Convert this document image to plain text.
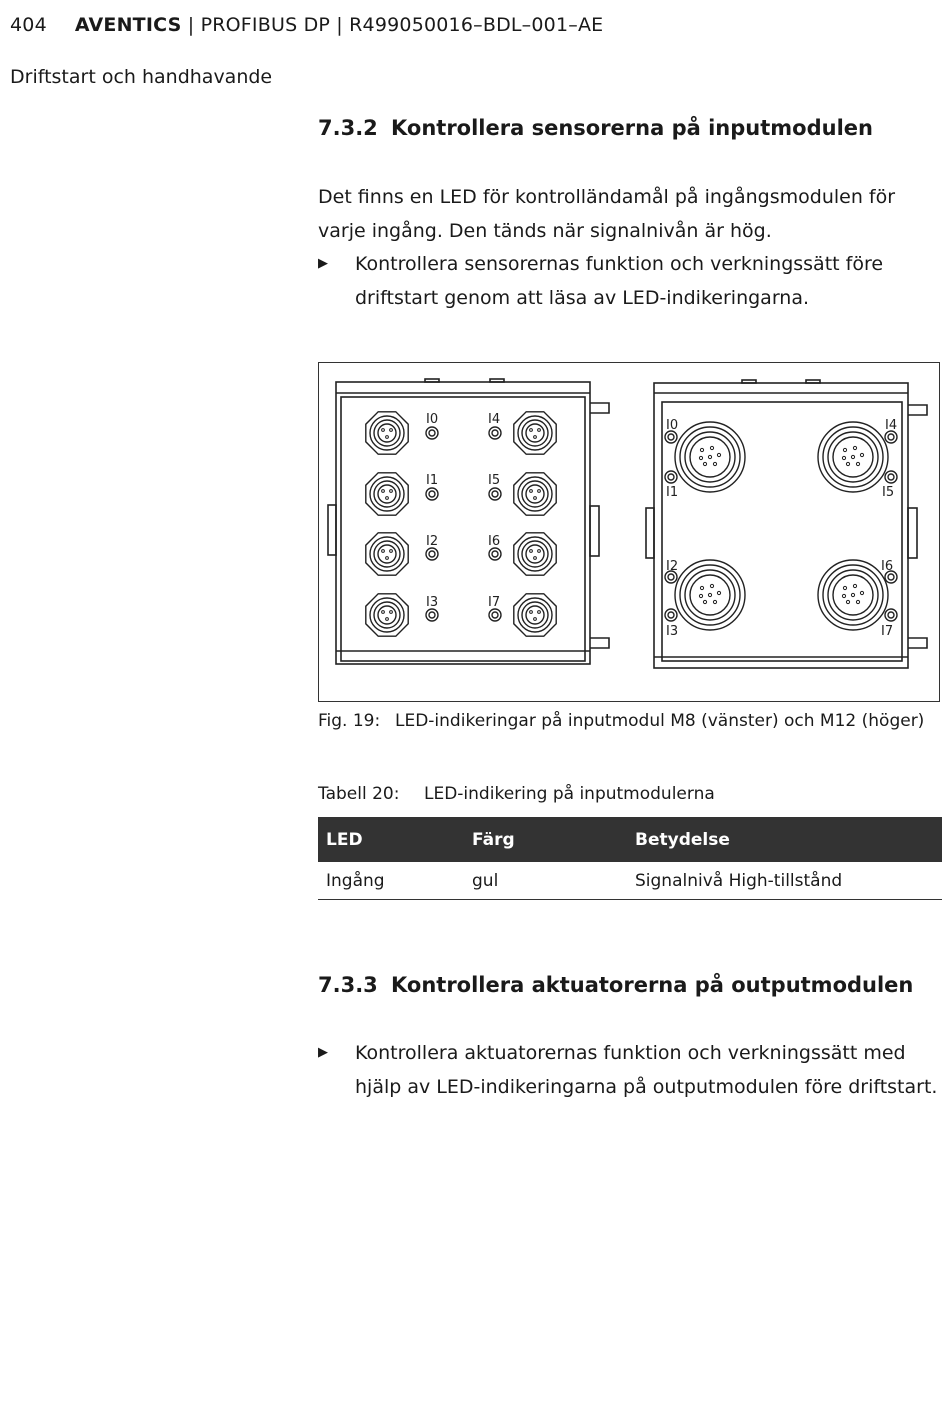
404 AVENTICS | PROFIBUS DP | R499050016–BDL–001–AE
Driftstart och handhavande
7.3.2 Kontrollera sensorerna på inputmodulen

Det finns en LED för kontrolländamål på ingångsmodulen för varje ingång. Den tänds när signalnivån är hög.

▶ Kontrollera sensorernas funktion och verkningssätt före driftstart genom att läsa av LED-indikeringarna.
I0
I1
I2
I3
I4
I5
I6
I7
I0
I1
I4
I5
I2
I3
I6
I7
Fig. 19: LED-indikeringar på inputmodul M8 (vänster) och M12 (höger)
Tabell 20: LED-indikering på inputmodulerna
LED	Färg	Betydelse
Ingång	gul	Signalnivå High-tillstånd
7.3.3 Kontrollera aktuatorerna på outputmodulen
▶ Kontrollera aktuatorernas funktion och verkningssätt med hjälp av LED-indikeringarna på outputmodulen före driftstart.
